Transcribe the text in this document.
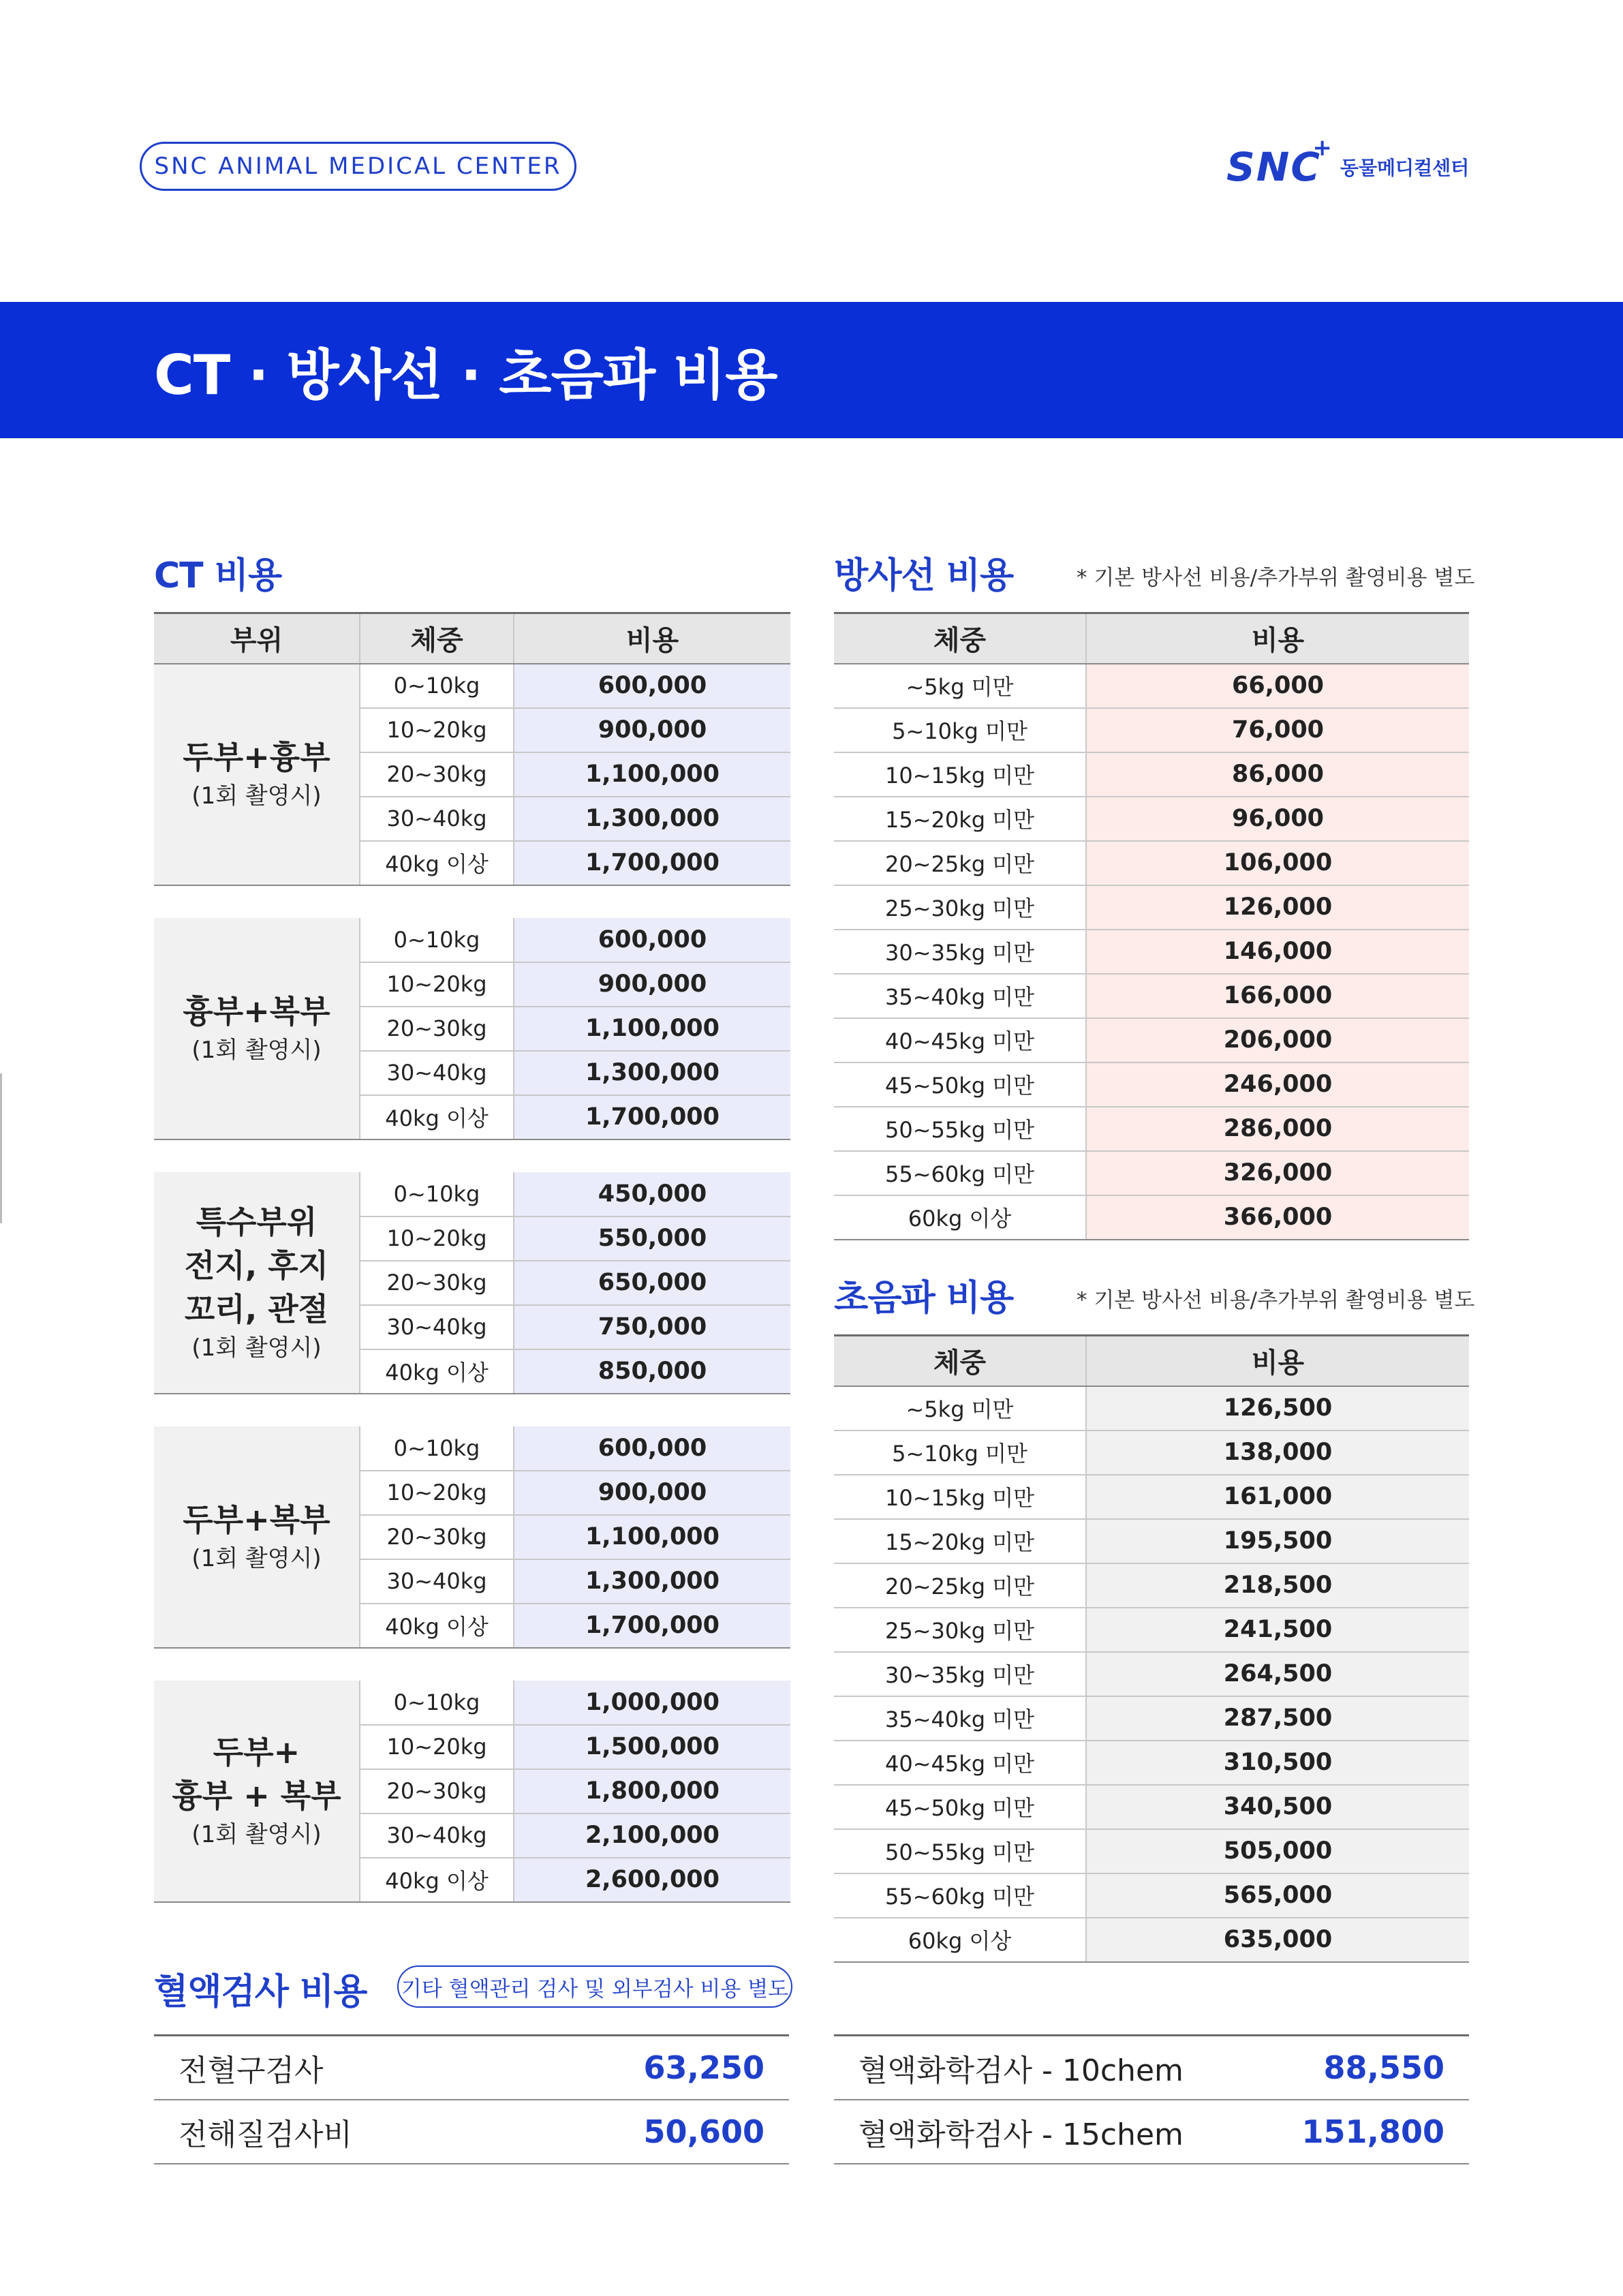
SNC ANIMAL MEDICAL CENTER	SNC
+
동물메디컬센터
CT · 방사선 · 초음파 비용
CT 비용
부위	체중	비용

두부+흉부
(1회 촬영시)	0~10kg	600,000
	10~20kg	900,000
	20~30kg	1,100,000
	30~40kg	1,300,000
	40kg 이상	1,700,000

흉부+복부
(1회 촬영시)	0~10kg	600,000
	10~20kg	900,000
	20~30kg	1,100,000
	30~40kg	1,300,000
	40kg 이상	1,700,000

특수부위
전지, 후지
꼬리, 관절
(1회 촬영시)	0~10kg	450,000
	10~20kg	550,000
	20~30kg	650,000
	30~40kg	750,000
	40kg 이상	850,000

두부+복부
(1회 촬영시)	0~10kg	600,000
	10~20kg	900,000
	20~30kg	1,100,000
	30~40kg	1,300,000
	40kg 이상	1,700,000

두부+
흉부 + 복부
(1회 촬영시)	0~10kg	1,000,000
	10~20kg	1,500,000
	20~30kg	1,800,000
	30~40kg	2,100,000
	40kg 이상	2,600,000
방사선 비용	* 기본 방사선 비용/추가부위 촬영비용 별도
체중	비용
~5kg 미만	66,000
5~10kg 미만	76,000
10~15kg 미만	86,000
15~20kg 미만	96,000
20~25kg 미만	106,000
25~30kg 미만	126,000
30~35kg 미만	146,000
35~40kg 미만	166,000
40~45kg 미만	206,000
45~50kg 미만	246,000
50~55kg 미만	286,000
55~60kg 미만	326,000
60kg 이상	366,000
초음파 비용	* 기본 방사선 비용/추가부위 촬영비용 별도
체중	비용
~5kg 미만	126,500
5~10kg 미만	138,000
10~15kg 미만	161,000
15~20kg 미만	195,500
20~25kg 미만	218,500
25~30kg 미만	241,500
30~35kg 미만	264,500
35~40kg 미만	287,500
40~45kg 미만	310,500
45~50kg 미만	340,500
50~55kg 미만	505,000
55~60kg 미만	565,000
60kg 이상	635,000
혈액검사 비용 기타 혈액관리 검사 및 외부검사 비용 별도
전혈구검사	63,250
전해질검사비	50,600
혈액화학검사 - 10chem	88,550
혈액화학검사 - 15chem	151,800
